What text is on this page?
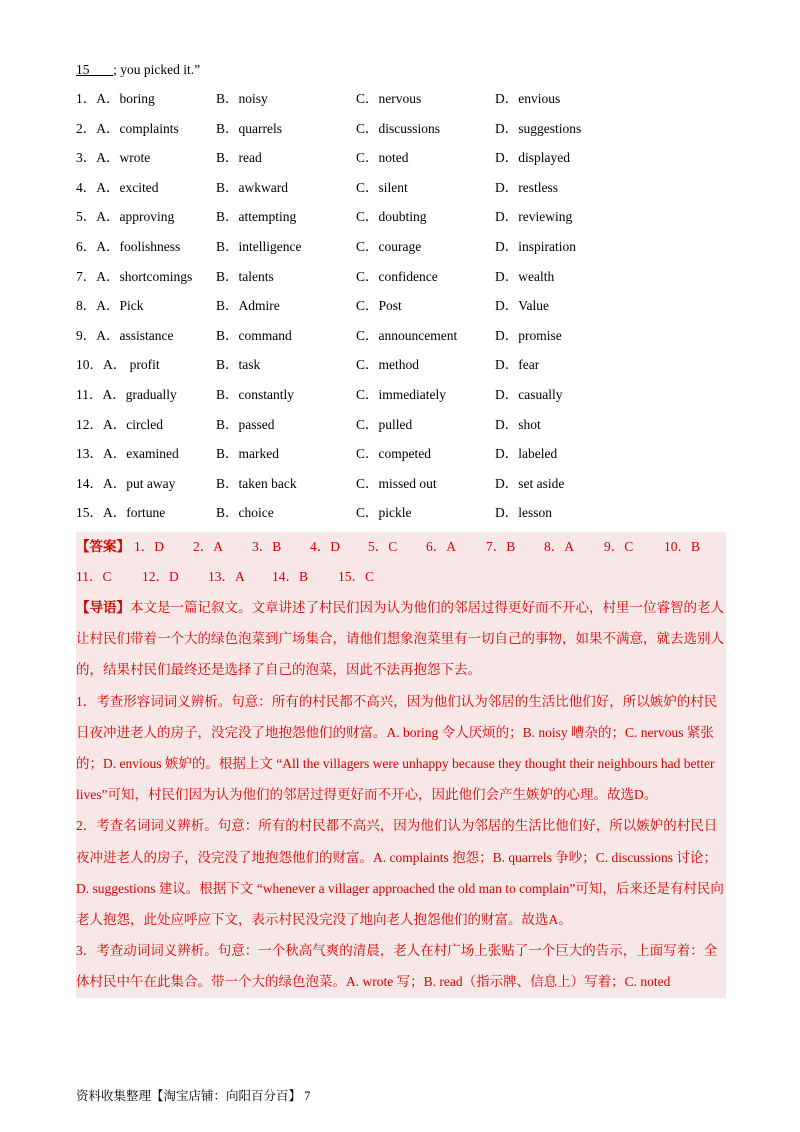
15 ; you picked it.”
1．A．boring	B．noisy	C．nervous	D．envious
2．A．complaints	B．quarrels	C．discussions	D．suggestions
3．A．wrote	B．read	C．noted	D．displayed
4．A．excited	B．awkward	C．silent	D．restless
5．A．approving	B．attempting	C．doubting	D．reviewing
6．A．foolishness	B．intelligence	C．courage	D．inspiration
7．A．shortcomings B．talents	C．confidence	D．wealth
8．A．Pick	B．Admire	C．Post	D．Value
9．A．assistance	B．command	C．announcement	D．promise
10．A． profit	B．task	C．method	D．fear
11．A．gradually	B．constantly	C．immediately	D．casually
12．A．circled	B．passed	C．pulled	D．shot
13．A．examined	B．marked	C．competed	D．labeled
14．A．put away	B．taken back	C．missed out	D．set aside
15．A．fortune	B．choice	C．pickle	D．lesson
【答案】 1．D 2．A 3．B 4．D 5．C 6．A 7．B 8．A 9．C 10．B
11．C 12．D 13．A 14．B 15．C

【导语】本文是一篇记叙文。文章讲述了村民们因为认为他们的邻居过得更好而不开心，村里一位睿智的老人让村民们带着一个大的绿色泡菜到广场集合，请他们想象泡菜里有一切自己的事物，如果不满意，就去选别人的，结果村民们最终还是选择了自己的泡菜，因此不法再抱怨下去。

1．考查形容词词义辨析。句意：所有的村民都不高兴，因为他们认为邻居的生活比他们好，所以嫉妒的村民日夜冲进老人的房子，没完没了地抱怨他们的财富。A. boring 令人厌烦的；B. noisy 嘈杂的；C. nervous 紧张的；D. envious 嫉妒的。根据上文 “All the villagers were unhappy because they thought their neighbours had better lives”可知，村民们因为认为他们的邻居过得更好而不开心，因此他们会产生嫉妒的心理。故选D。

2．考查名词词义辨析。句意：所有的村民都不高兴，因为他们认为邻居的生活比他们好，所以嫉妒的村民日夜冲进老人的房子，没完没了地抱怨他们的财富。A. complaints 抱怨；B. quarrels 争吵；C. discussions 讨论；D. suggestions 建议。根据下文 “whenever a villager approached the old man to complain”可知，后来还是有村民向老人抱怨，此处应呼应下文，表示村民没完没了地向老人抱怨他们的财富。故选A。

3．考查动词词义辨析。句意：一个秋高气爽的清晨，老人在村广场上张贴了一个巨大的告示，上面写着：全体村民中午在此集合。带一个大的绿色泡菜。A. wrote 写；B. read（指示牌、信息上）写着；C. noted

资料收集整理【淘宝店铺：向阳百分百】 7
